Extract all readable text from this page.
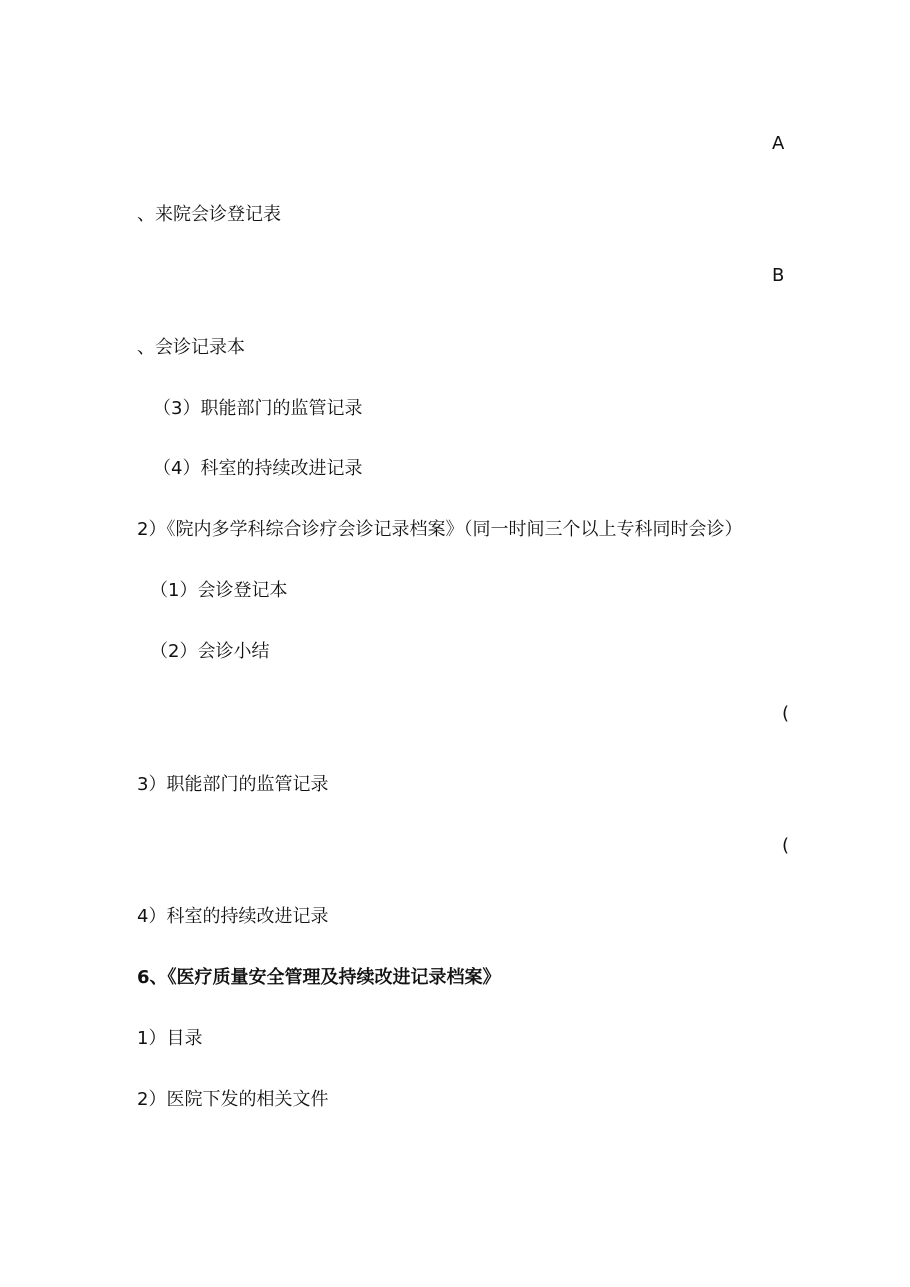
A
、来院会诊登记表
B
、会诊记录本
（3）职能部门的监管记录
（4）科室的持续改进记录
2）《院内多学科综合诊疗会诊记录档案》（同一时间三个以上专科同时会诊）
（1）会诊登记本
（2）会诊小结
(
3）职能部门的监管记录
(
4）科室的持续改进记录
6、《医疗质量安全管理及持续改进记录档案》
1）目录
2）医院下发的相关文件
